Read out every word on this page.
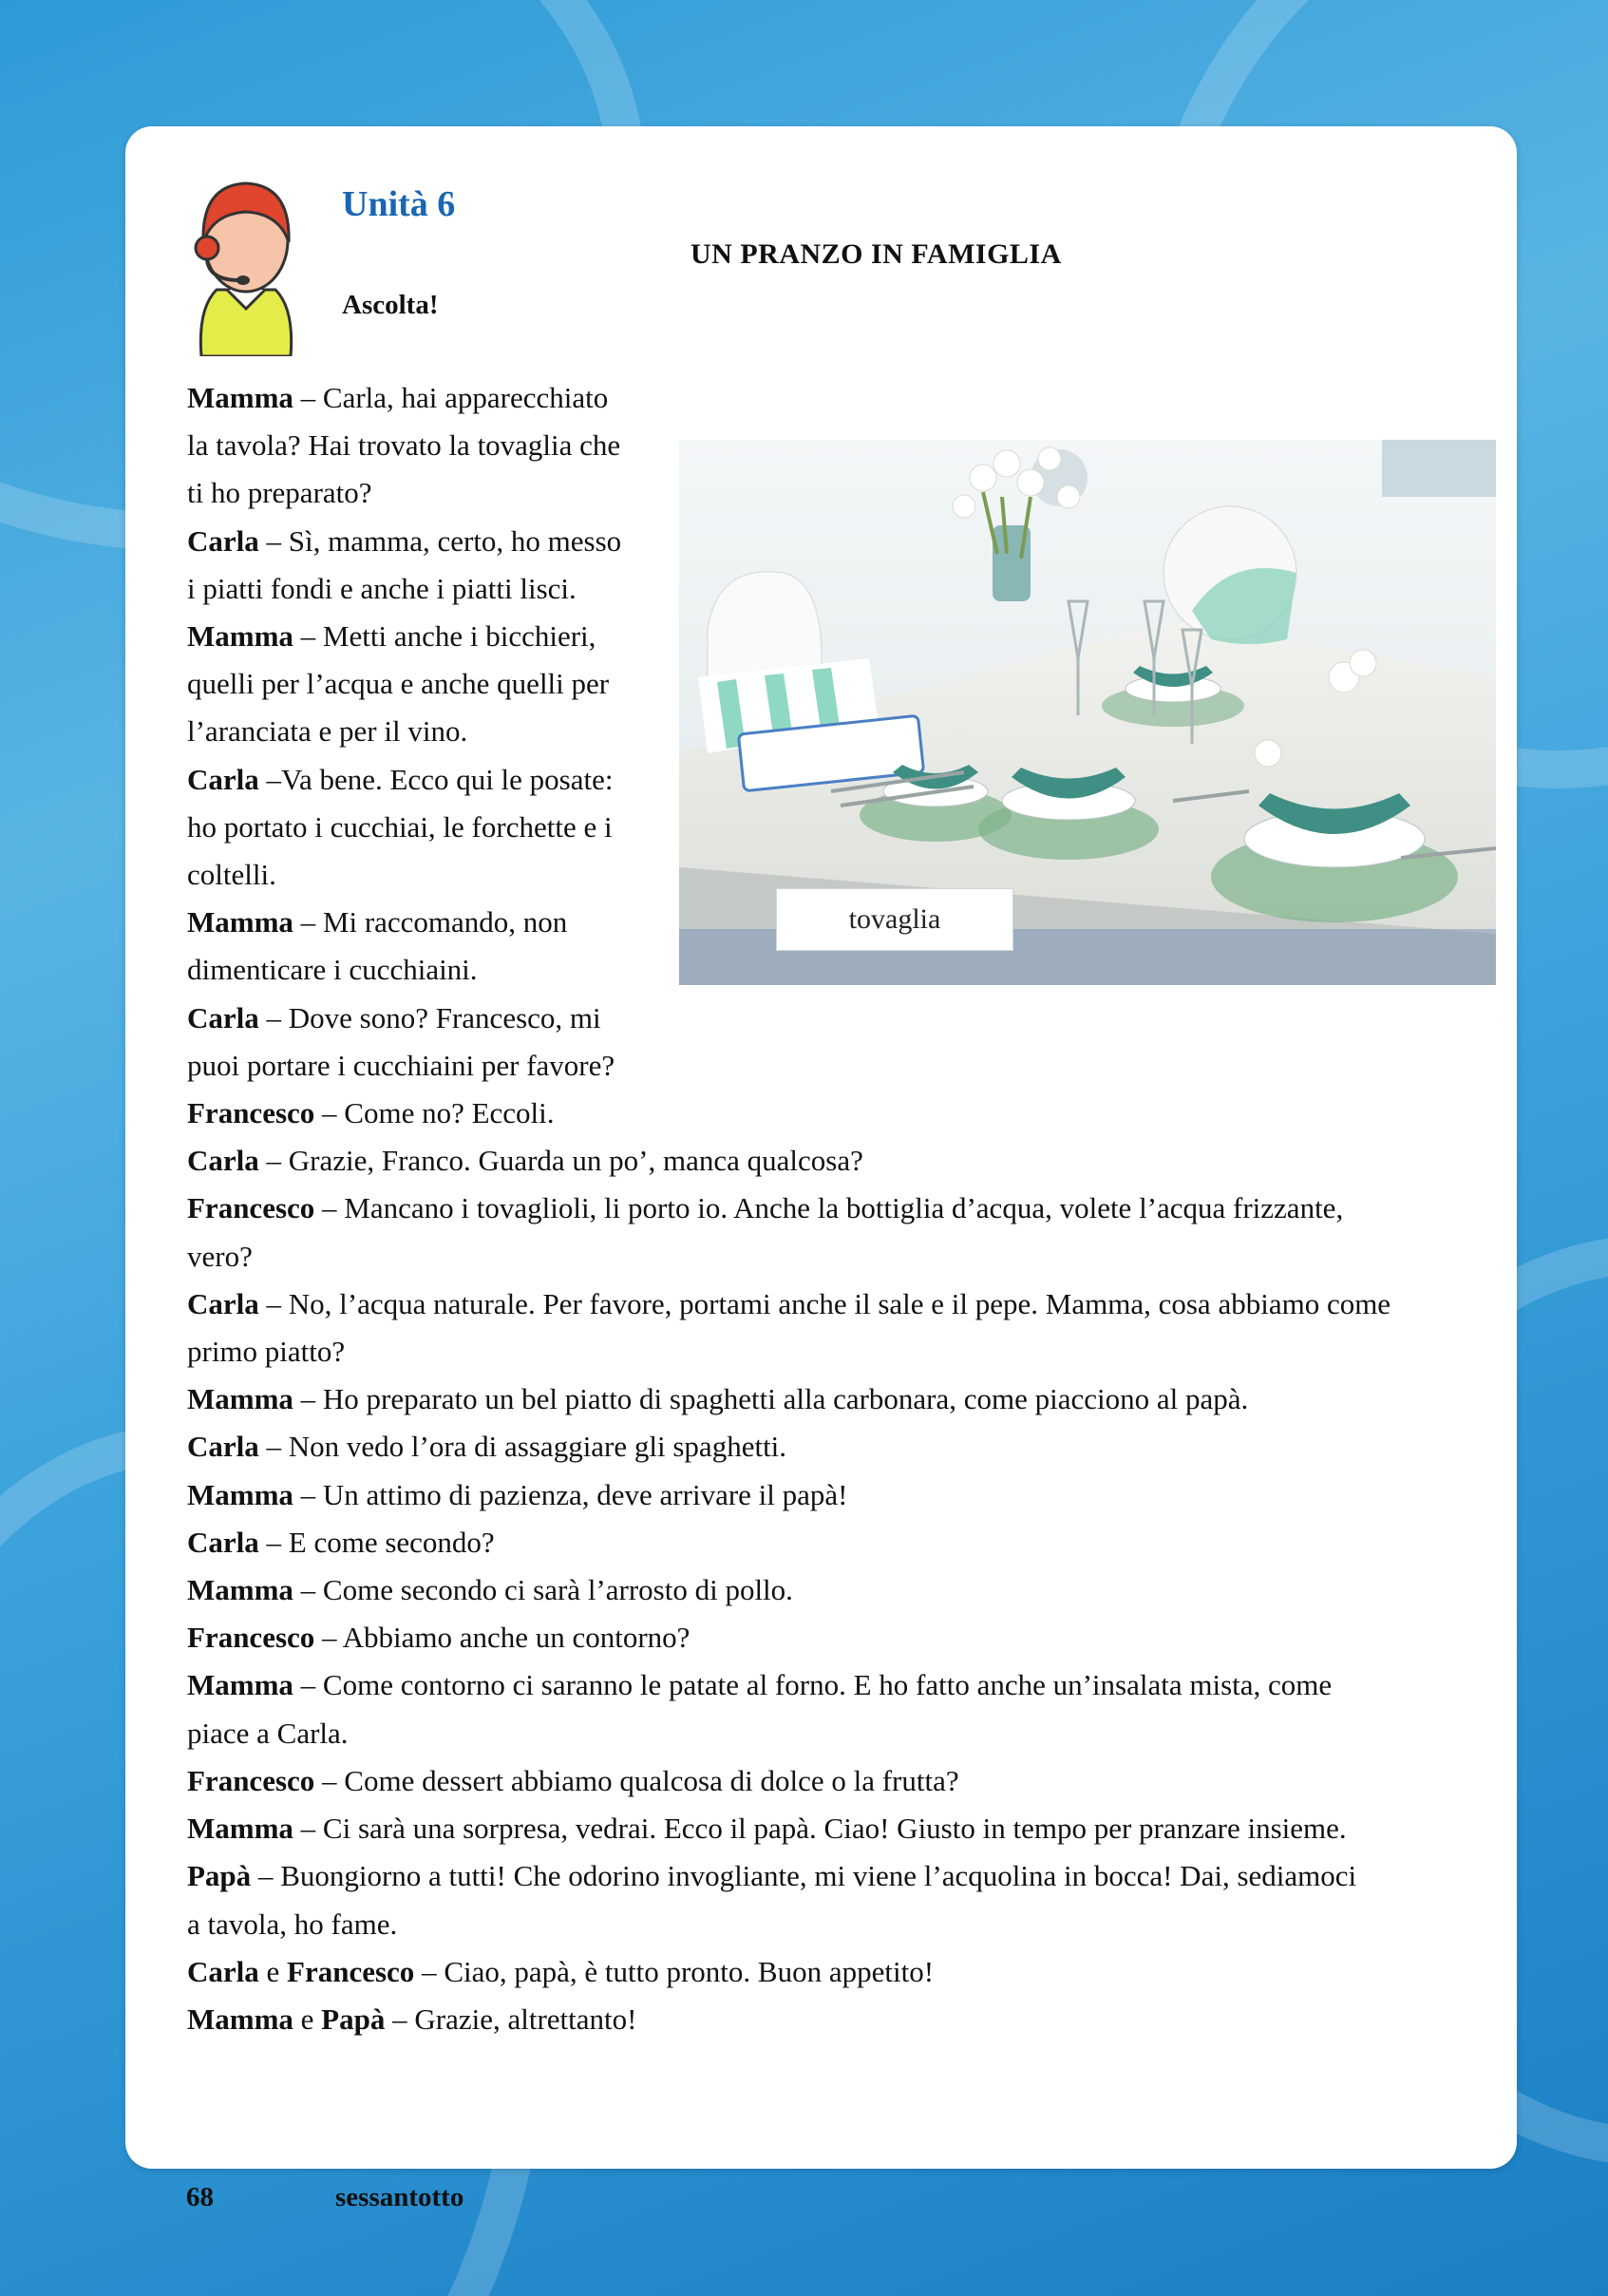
Unità 6
Ascolta!
UN PRANZO IN FAMIGLIA
tovaglia
Mamma – Carla, hai apparecchiato
la tavola? Hai trovato la tovaglia che
ti ho preparato?
Carla – Sì, mamma, certo, ho messo
i piatti fondi e anche i piatti lisci.
Mamma – Metti anche i bicchieri,
quelli per l’acqua e anche quelli per
l’aranciata e per il vino.
Carla –Va bene. Ecco qui le posate:
ho portato i cucchiai, le forchette e i
coltelli.
Mamma – Mi raccomando, non
dimenticare i cucchiaini.
Carla – Dove sono? Francesco, mi
puoi portare i cucchiaini per favore?
Francesco – Come no? Eccoli.
Carla – Grazie, Franco. Guarda un po’, manca qualcosa?
Francesco – Mancano i tovaglioli, li porto io. Anche la bottiglia d’acqua, volete l’acqua frizzante,
vero?
Carla – No, l’acqua naturale. Per favore, portami anche il sale e il pepe. Mamma, cosa abbiamo come
primo piatto?
Mamma – Ho preparato un bel piatto di spaghetti alla carbonara, come piacciono al papà.
Carla – Non vedo l’ora di assaggiare gli spaghetti.
Mamma – Un attimo di pazienza, deve arrivare il papà!
Carla – E come secondo?
Mamma – Come secondo ci sarà l’arrosto di pollo.
Francesco – Abbiamo anche un contorno?
Mamma – Come contorno ci saranno le patate al forno. E ho fatto anche un’insalata mista, come
piace a Carla.
Francesco – Come dessert abbiamo qualcosa di dolce o la frutta?
Mamma – Ci sarà una sorpresa, vedrai. Ecco il papà. Ciao! Giusto in tempo per pranzare insieme.
Papà – Buongiorno a tutti! Che odorino invogliante, mi viene l’acquolina in bocca! Dai, sediamoci
a tavola, ho fame.
Carla e Francesco – Ciao, papà, è tutto pronto. Buon appetito!
Mamma e Papà – Grazie, altrettanto!
68	sessantotto
